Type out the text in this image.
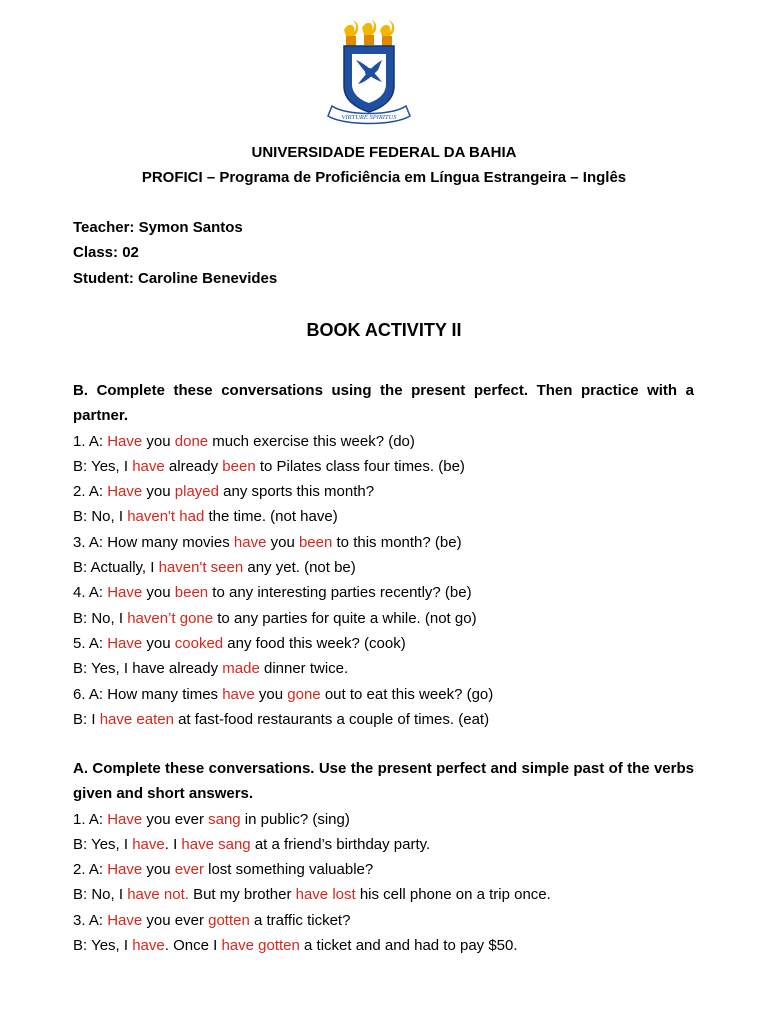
VIRTURE SPIRITUS
UNIVERSIDADE FEDERAL DA BAHIA
PROFICI – Programa de Proficiência em Língua Estrangeira – Inglês
Teacher: Symon Santos
Class: 02
Student: Caroline Benevides
BOOK ACTIVITY II
B. Complete these conversations using the present perfect. Then practice with a partner.
1. A: Have you done much exercise this week? (do)
B: Yes, I have already been to Pilates class four times. (be)
2. A: Have you played any sports this month?
B: No, I haven't had the time. (not have)
3. A: How many movies have you been to this month? (be)
B: Actually, I haven't seen any yet. (not be)
4. A: Have you been to any interesting parties recently? (be)
B: No, I haven’t gone to any parties for quite a while. (not go)
5. A: Have you cooked any food this week? (cook)
B: Yes, I have already made dinner twice.
6. A: How many times have you gone out to eat this week? (go)
B: I have eaten at fast-food restaurants a couple of times. (eat)
A. Complete these conversations. Use the present perfect and simple past of the verbs given and short answers.
1. A: Have you ever sang in public? (sing)
B: Yes, I have. I have sang at a friend’s birthday party.
2. A: Have you ever lost something valuable?
B: No, I have not. But my brother have lost his cell phone on a trip once.
3. A: Have you ever gotten a traffic ticket?
B: Yes, I have. Once I have gotten a ticket and and had to pay $50.
